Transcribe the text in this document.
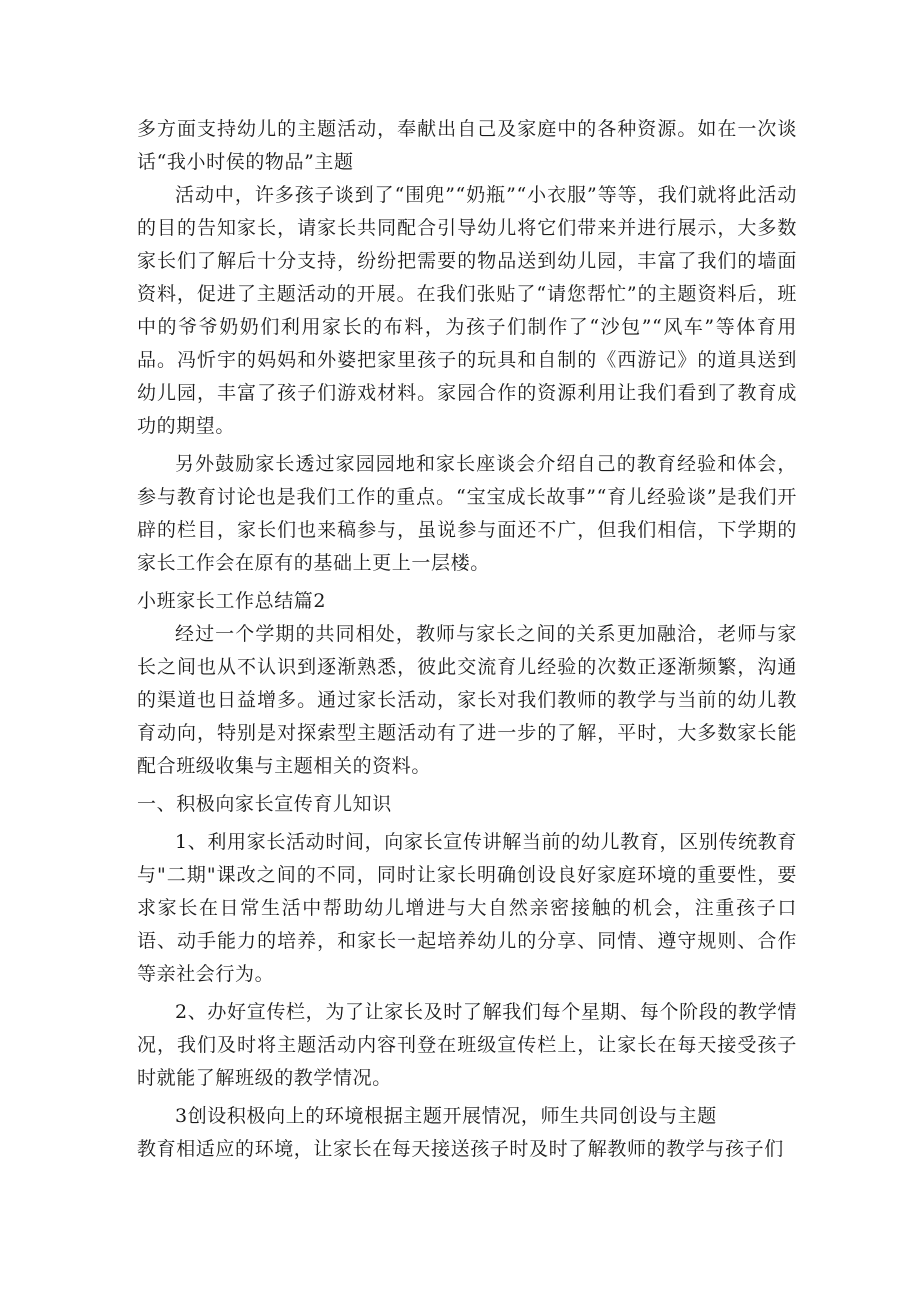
多方面支持幼儿的主题活动，奉献出自己及家庭中的各种资源。如在一次谈话“我小时侯的物品”主题

活动中，许多孩子谈到了“围兜”“奶瓶”“小衣服”等等，我们就将此活动的目的告知家长，请家长共同配合引导幼儿将它们带来并进行展示，大多数家长们了解后十分支持，纷纷把需要的物品送到幼儿园，丰富了我们的墙面资料，促进了主题活动的开展。在我们张贴了“请您帮忙”的主题资料后，班中的爷爷奶奶们利用家长的布料，为孩子们制作了“沙包”“风车”等体育用品。冯忻宇的妈妈和外婆把家里孩子的玩具和自制的《西游记》的道具送到幼儿园，丰富了孩子们游戏材料。家园合作的资源利用让我们看到了教育成功的期望。

另外鼓励家长透过家园园地和家长座谈会介绍自己的教育经验和体会，参与教育讨论也是我们工作的重点。“宝宝成长故事”“育儿经验谈”是我们开辟的栏目，家长们也来稿参与，虽说参与面还不广，但我们相信，下学期的家长工作会在原有的基础上更上一层楼。

小班家长工作总结篇2

经过一个学期的共同相处，教师与家长之间的关系更加融洽，老师与家长之间也从不认识到逐渐熟悉，彼此交流育儿经验的次数正逐渐频繁，沟通的渠道也日益增多。通过家长活动，家长对我们教师的教学与当前的幼儿教育动向，特别是对探索型主题活动有了进一步的了解，平时，大多数家长能配合班级收集与主题相关的资料。

一、积极向家长宣传育儿知识

1、利用家长活动时间，向家长宣传讲解当前的幼儿教育，区别传统教育与"二期"课改之间的不同，同时让家长明确创设良好家庭环境的重要性，要求家长在日常生活中帮助幼儿增进与大自然亲密接触的机会，注重孩子口语、动手能力的培养，和家长一起培养幼儿的分享、同情、遵守规则、合作等亲社会行为。

2、办好宣传栏，为了让家长及时了解我们每个星期、每个阶段的教学情况，我们及时将主题活动内容刊登在班级宣传栏上，让家长在每天接受孩子时就能了解班级的教学情况。

3创设积极向上的环境根据主题开展情况，师生共同创设与主题

教育相适应的环境，让家长在每天接送孩子时及时了解教师的教学与孩子们
